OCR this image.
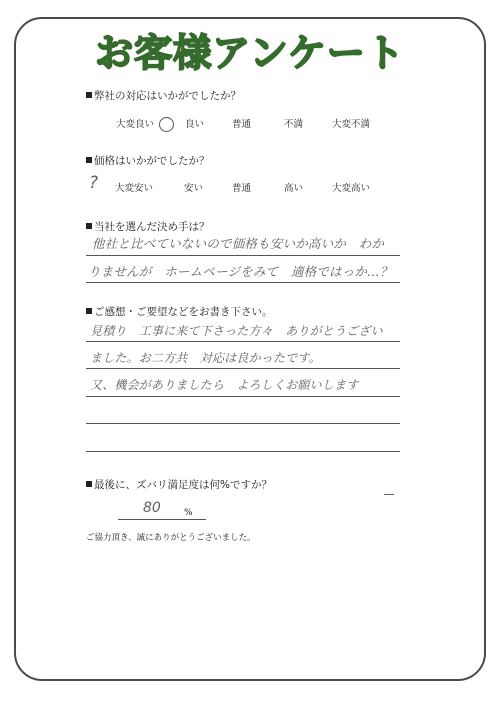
お客様アンケート
弊社の対応はいかがでしたか？
大変良い	良い	普通	不満	大変不満
価格はいかがでしたか？
? 大変安い	安い	普通	高い	大変高い
当社を選んだ決め手は？
他社と比べていないので価格も安いか高いか　わか
りませんが　ホームページをみて　適格ではっか…？
ご感想・ご要望などをお書き下さい。
見積り　工事に来て下さった方々　ありがとうござい
ました。お二方共　対応は良かったです。
又、機会がありましたら　よろしくお願いします
最後に、ズバリ満足度は何%ですか？
80	%
ご協力頂き、誠にありがとうございました。
